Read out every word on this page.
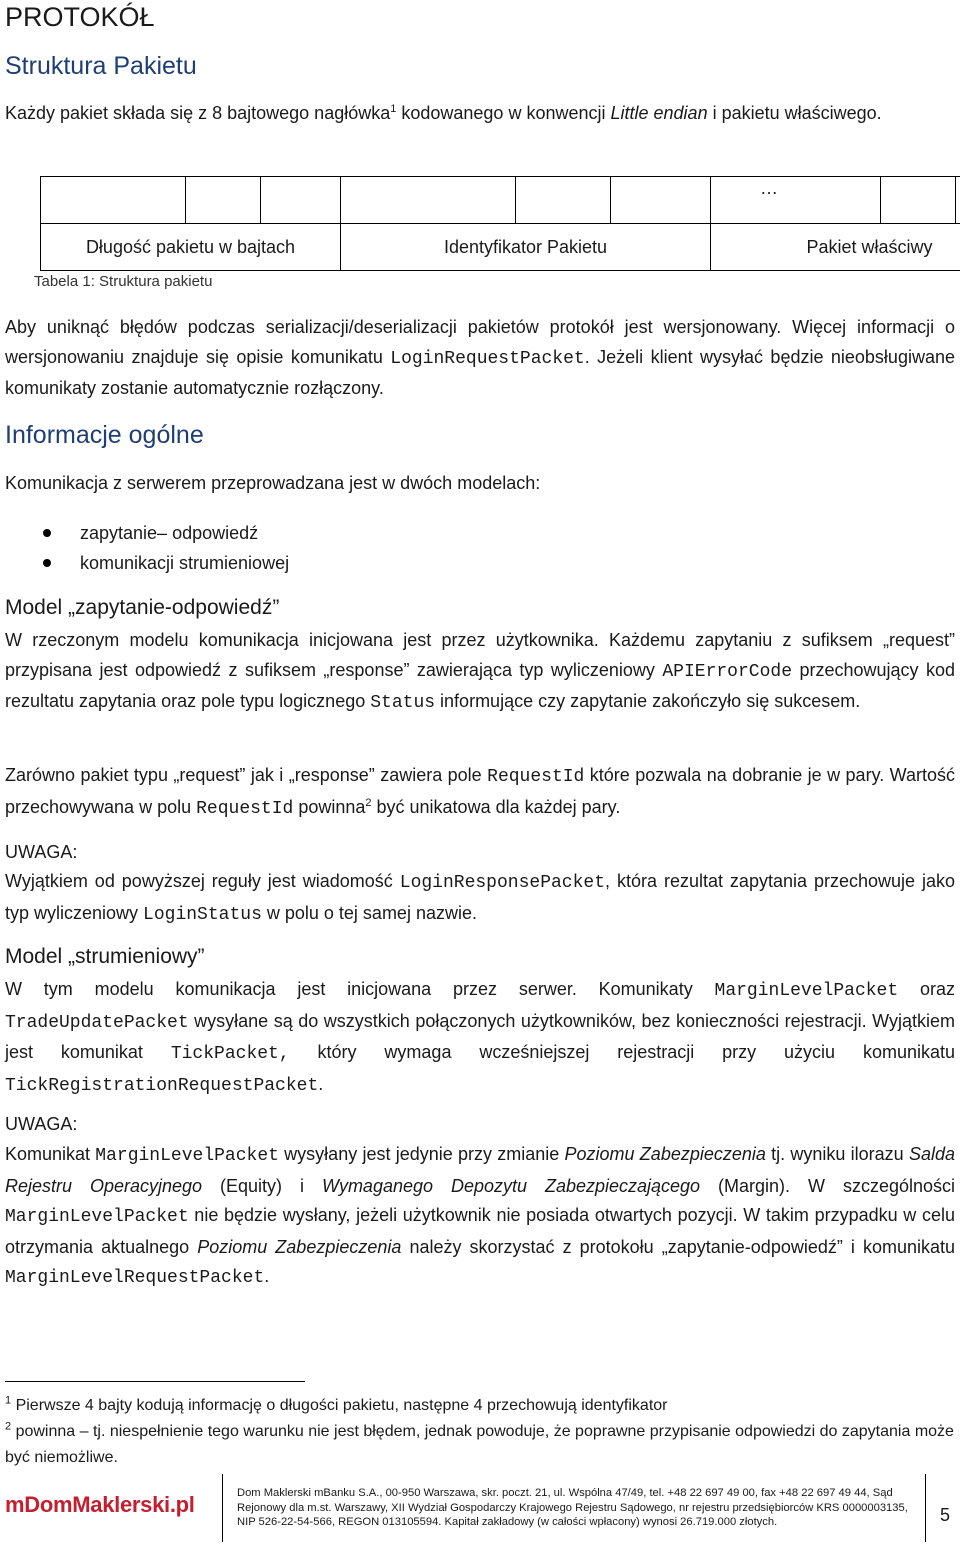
PROTOKÓŁ
Struktura Pakietu

Każdy pakiet składa się z 8 bajtowego nagłówka$^1$ kodowanego w konwencji Little endian i pakietu właściwego.

…

Długość pakietu w bajtach			Identyfikator Pakietu			Pakiet właściwy		
Tabela 1: Struktura pakietu

Aby uniknąć błędów podczas serializacji/deserializacji pakietów protokół jest wersjonowany. Więcej informacji o wersjonowaniu znajduje się opisie komunikatu LoginRequestPacket. Jeżeli klient wysyłać będzie nieobsługiwane komunikaty zostanie automatycznie rozłączony.

Informacje ogólne

Komunikacja z serwerem przeprowadzana jest w dwóch modelach:

zapytanie– odpowiedź
komunikacji strumieniowej
Model „zapytanie-odpowiedź”

W rzeczonym modelu komunikacja inicjowana jest przez użytkownika. Każdemu zapytaniu z sufiksem „request” przypisana jest odpowiedź z sufiksem „response” zawierająca typ wyliczeniowy APIErrorCode przechowujący kod rezultatu zapytania oraz pole typu logicznego Status informujące czy zapytanie zakończyło się sukcesem.

Zarówno pakiet typu „request” jak i „response” zawiera pole RequestId które pozwala na dobranie je w pary. Wartość przechowywana w polu RequestId powinna$^2$ być unikatowa dla każdej pary.

UWAGA:

Wyjątkiem od powyższej reguły jest wiadomość LoginResponsePacket, która rezultat zapytania przechowuje jako typ wyliczeniowy LoginStatus w polu o tej samej nazwie.

Model „strumieniowy”

W tym modelu komunikacja jest inicjowana przez serwer. Komunikaty MarginLevelPacket oraz TradeUpdatePacket wysyłane są do wszystkich połączonych użytkowników, bez konieczności rejestracji. Wyjątkiem jest komunikat TickPacket, który wymaga wcześniejszej rejestracji przy użyciu komunikatu TickRegistrationRequestPacket.

UWAGA:

Komunikat MarginLevelPacket wysyłany jest jedynie przy zmianie Poziomu Zabezpieczenia tj. wyniku ilorazu Salda Rejestru Operacyjnego (Equity) i Wymaganego Depozytu Zabezpieczającego (Margin). W szczególności MarginLevelPacket nie będzie wysłany, jeżeli użytkownik nie posiada otwartych pozycji. W takim przypadku w celu otrzymania aktualnego Poziomu Zabezpieczenia należy skorzystać z protokołu „zapytanie-odpowiedź” i komunikatu MarginLevelRequestPacket.

$^1$ Pierwsze 4 bajty kodują informację o długości pakietu, następne 4 przechowują identyfikator
$^2$ powinna – tj. niespełnienie tego warunku nie jest błędem, jednak powoduje, że poprawne przypisanie odpowiedzi do zapytania może być niemożliwe.
mDomMaklerski.pl	Dom Maklerski mBanku S.A., 00-950 Warszawa, skr. poczt. 21, ul. Wspólna 47/49, tel. +48 22 697 49 00, fax +48 22 697 49 44, Sąd Rejonowy dla m.st. Warszawy, XII Wydział Gospodarczy Krajowego Rejestru Sądowego, nr rejestru przedsiębiorców KRS 0000003135, NIP 526-22-54-566, REGON 013105594. Kapitał zakładowy (w całości wpłacony) wynosi 26.719.000 złotych.	5
